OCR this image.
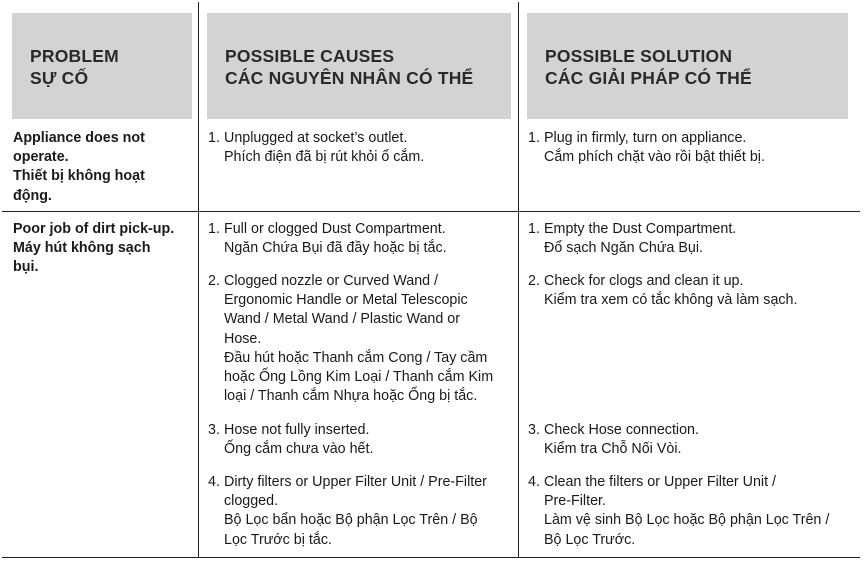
PROBLEM
SỰ CỐ
POSSIBLE CAUSES
CÁC NGUYÊN NHÂN CÓ THỂ
POSSIBLE SOLUTION
CÁC GIẢI PHÁP CÓ THỂ
Appliance does not
operate.
Thiết bị không hoạt
động.
1. Unplugged at socket’s outlet.
Phích điện đã bị rút khỏi ổ cắm.
1. Plug in firmly, turn on appliance.
Cắm phích chặt vào rồi bật thiết bị.
Poor job of dirt pick-up.
Máy hút không sạch
bụi.
1. Full or clogged Dust Compartment.
Ngăn Chứa Bụi đã đầy hoặc bị tắc.
2. Clogged nozzle or Curved Wand /
Ergonomic Handle or Metal Telescopic
Wand / Metal Wand / Plastic Wand or
Hose.
Đầu hút hoặc Thanh cắm Cong / Tay cầm
hoặc Ống Lồng Kim Loại / Thanh cắm Kim
loại / Thanh cắm Nhựa hoặc Ống bị tắc.
3. Hose not fully inserted.
Ống cắm chưa vào hết.
4. Dirty filters or Upper Filter Unit / Pre-Filter
clogged.
Bộ Lọc bẩn hoặc Bộ phận Lọc Trên / Bộ
Lọc Trước bị tắc.
1. Empty the Dust Compartment.
Đổ sạch Ngăn Chứa Bụi.
2. Check for clogs and clean it up.
Kiểm tra xem có tắc không và làm sạch.
3. Check Hose connection.
Kiểm tra Chỗ Nối Vòi.
4. Clean the filters or Upper Filter Unit /
Pre-Filter.
Làm vệ sinh Bộ Lọc hoặc Bộ phận Lọc Trên /
Bộ Lọc Trước.
